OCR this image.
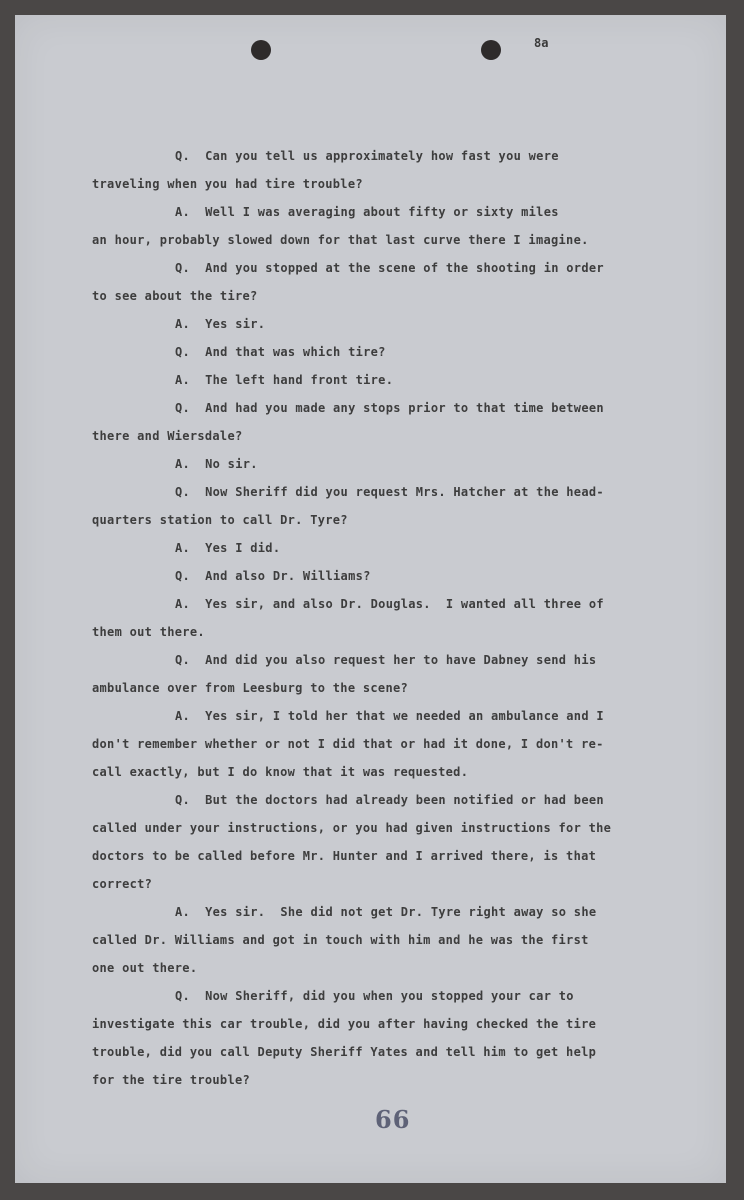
8a
Q.  Can you tell us approximately how fast you were
traveling when you had tire trouble?
A.  Well I was averaging about fifty or sixty miles
an hour, probably slowed down for that last curve there I imagine.
Q.  And you stopped at the scene of the shooting in order
to see about the tire?
A.  Yes sir.
Q.  And that was which tire?
A.  The left hand front tire.
Q.  And had you made any stops prior to that time between
there and Wiersdale?
A.  No sir.
Q.  Now Sheriff did you request Mrs. Hatcher at the head-
quarters station to call Dr. Tyre?
A.  Yes I did.
Q.  And also Dr. Williams?
A.  Yes sir, and also Dr. Douglas.  I wanted all three of
them out there.
Q.  And did you also request her to have Dabney send his
ambulance over from Leesburg to the scene?
A.  Yes sir, I told her that we needed an ambulance and I
don't remember whether or not I did that or had it done, I don't re-
call exactly, but I do know that it was requested.
Q.  But the doctors had already been notified or had been
called under your instructions, or you had given instructions for the
doctors to be called before Mr. Hunter and I arrived there, is that
correct?
A.  Yes sir.  She did not get Dr. Tyre right away so she
called Dr. Williams and got in touch with him and he was the first
one out there.
Q.  Now Sheriff, did you when you stopped your car to
investigate this car trouble, did you after having checked the tire
trouble, did you call Deputy Sheriff Yates and tell him to get help
for the tire trouble?
66
